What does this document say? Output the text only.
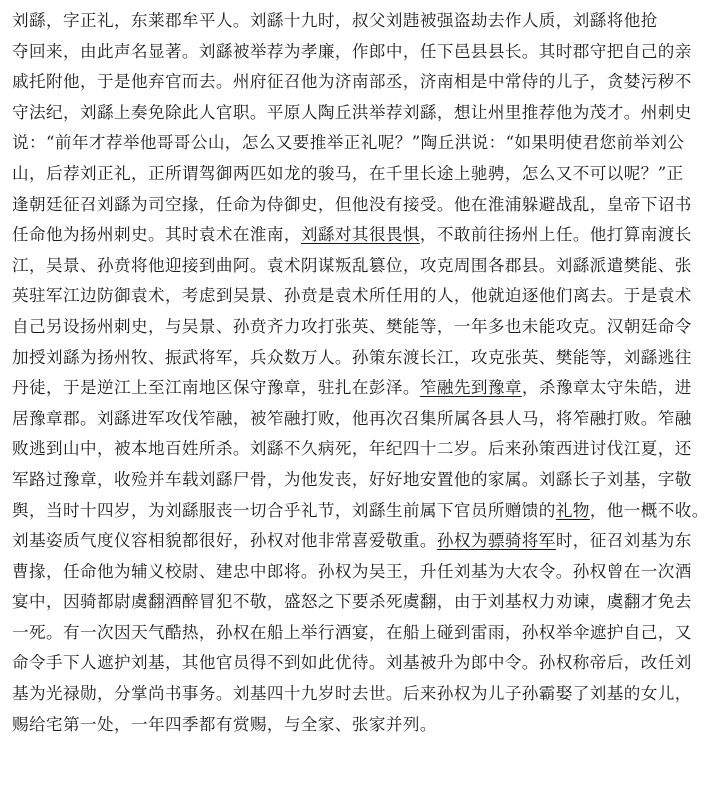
刘繇，字正礼，东莱郡牟平人。刘繇十九时，叔父刘韪被强盗劫去作人质，刘繇将他抢
夺回来，由此声名显著。刘繇被举荐为孝廉，作郎中，任下邑县县长。其时郡守把自己的亲
戚托附他，于是他弃官而去。州府征召他为济南部丞，济南相是中常侍的儿子，贪婪污秽不
守法纪，刘繇上奏免除此人官职。平原人陶丘洪举荐刘繇，想让州里推荐他为茂才。州刺史
说：“前年才荐举他哥哥公山，怎么又要推举正礼呢？”陶丘洪说：“如果明使君您前举刘公
山，后荐刘正礼，正所谓驾御两匹如龙的骏马，在千里长途上驰骋，怎么又不可以呢？”正
逢朝廷征召刘繇为司空掾，任命为侍御史，但他没有接受。他在淮浦躲避战乱，皇帝下诏书
任命他为扬州刺史。其时袁术在淮南，刘繇对其很畏惧，不敢前往扬州上任。他打算南渡长
江，吴景、孙贲将他迎接到曲阿。袁术阴谋叛乱篡位，攻克周围各郡县。刘繇派遣樊能、张
英驻军江边防御袁术，考虑到吴景、孙贲是袁术所任用的人，他就迫逐他们离去。于是袁术
自己另设扬州刺史，与吴景、孙贲齐力攻打张英、樊能等，一年多也未能攻克。汉朝廷命令
加授刘繇为扬州牧、振武将军，兵众数万人。孙策东渡长江，攻克张英、樊能等，刘繇逃往
丹徒，于是逆江上至江南地区保守豫章，驻扎在彭泽。笮融先到豫章，杀豫章太守朱皓，进
居豫章郡。刘繇进军攻伐笮融，被笮融打败，他再次召集所属各县人马，将笮融打败。笮融
败逃到山中，被本地百姓所杀。刘繇不久病死，年纪四十二岁。后来孙策西进讨伐江夏，还
军路过豫章，收殓并车载刘繇尸骨，为他发丧，好好地安置他的家属。刘繇长子刘基，字敬
舆，当时十四岁，为刘繇服丧一切合乎礼节，刘繇生前属下官员所赠馈的礼物，他一概不收。
刘基姿质气度仪容相貌都很好，孙权对他非常喜爱敬重。孙权为骠骑将军时，征召刘基为东
曹掾，任命他为辅义校尉、建忠中郎将。孙权为吴王，升任刘基为大农令。孙权曾在一次酒
宴中，因骑都尉虞翻酒醉冒犯不敬，盛怒之下要杀死虞翻，由于刘基权力劝谏，虞翻才免去
一死。有一次因天气酷热，孙权在船上举行酒宴，在船上碰到雷雨，孙权举伞遮护自己，又
命令手下人遮护刘基，其他官员得不到如此优待。刘基被升为郎中令。孙权称帝后，改任刘
基为光禄勋，分掌尚书事务。刘基四十九岁时去世。后来孙权为儿子孙霸娶了刘基的女儿，
赐给宅第一处，一年四季都有赏赐，与全家、张家并列。
